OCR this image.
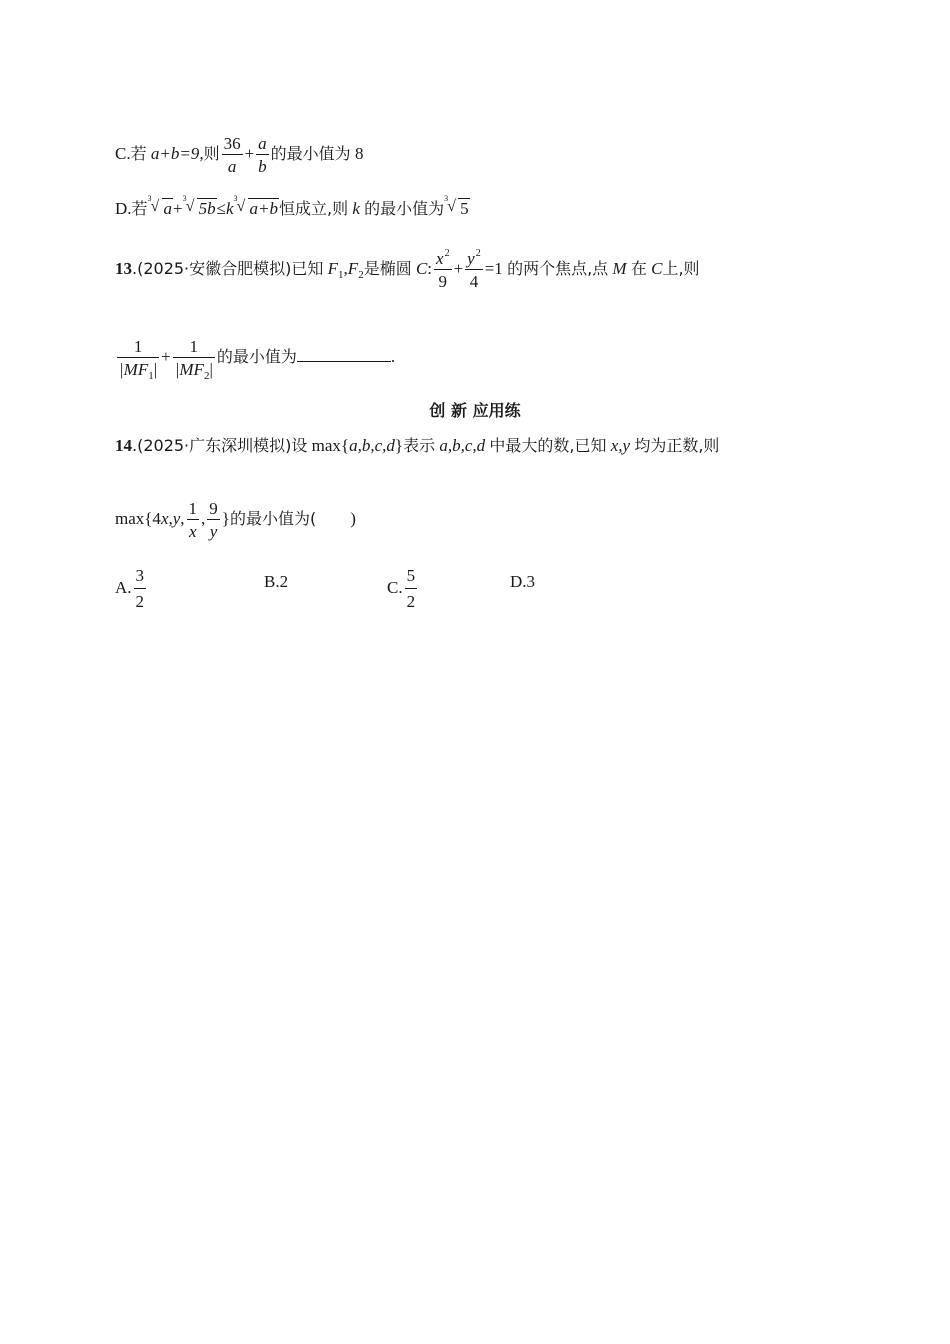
C.若 a+b=9,则 $\frac{36}{a} + \frac{a}{b}$ 的最小值为 8
D.若
3 √ a+
3 √ 5b≤k
3 √ a+b恒成立,则 k 的最小值为
3 √ 5
13.(2025·安徽合肥模拟)已知 $F_1,F_2$是椭圆 C: $\frac{x^2}{9} + \frac{y^2}{4} =1$ 的两个焦点,点 M 在 C上,则
$\frac{1}{|MF_1|} + \frac{1}{|MF_2|}$ 的最小值为	.
创 新 应用练
14.(2025·广东深圳模拟)设 max{a,b,c,d}表示 a,b,c,d 中最大的数,已知 x,y 均为正数,则
max{4x,y, $\frac{1}{x}$ , $\frac{9}{y}$ }的最小值为( )
A. $\frac{3}{2}$	B.2	C. $\frac{5}{2}$	D.3
